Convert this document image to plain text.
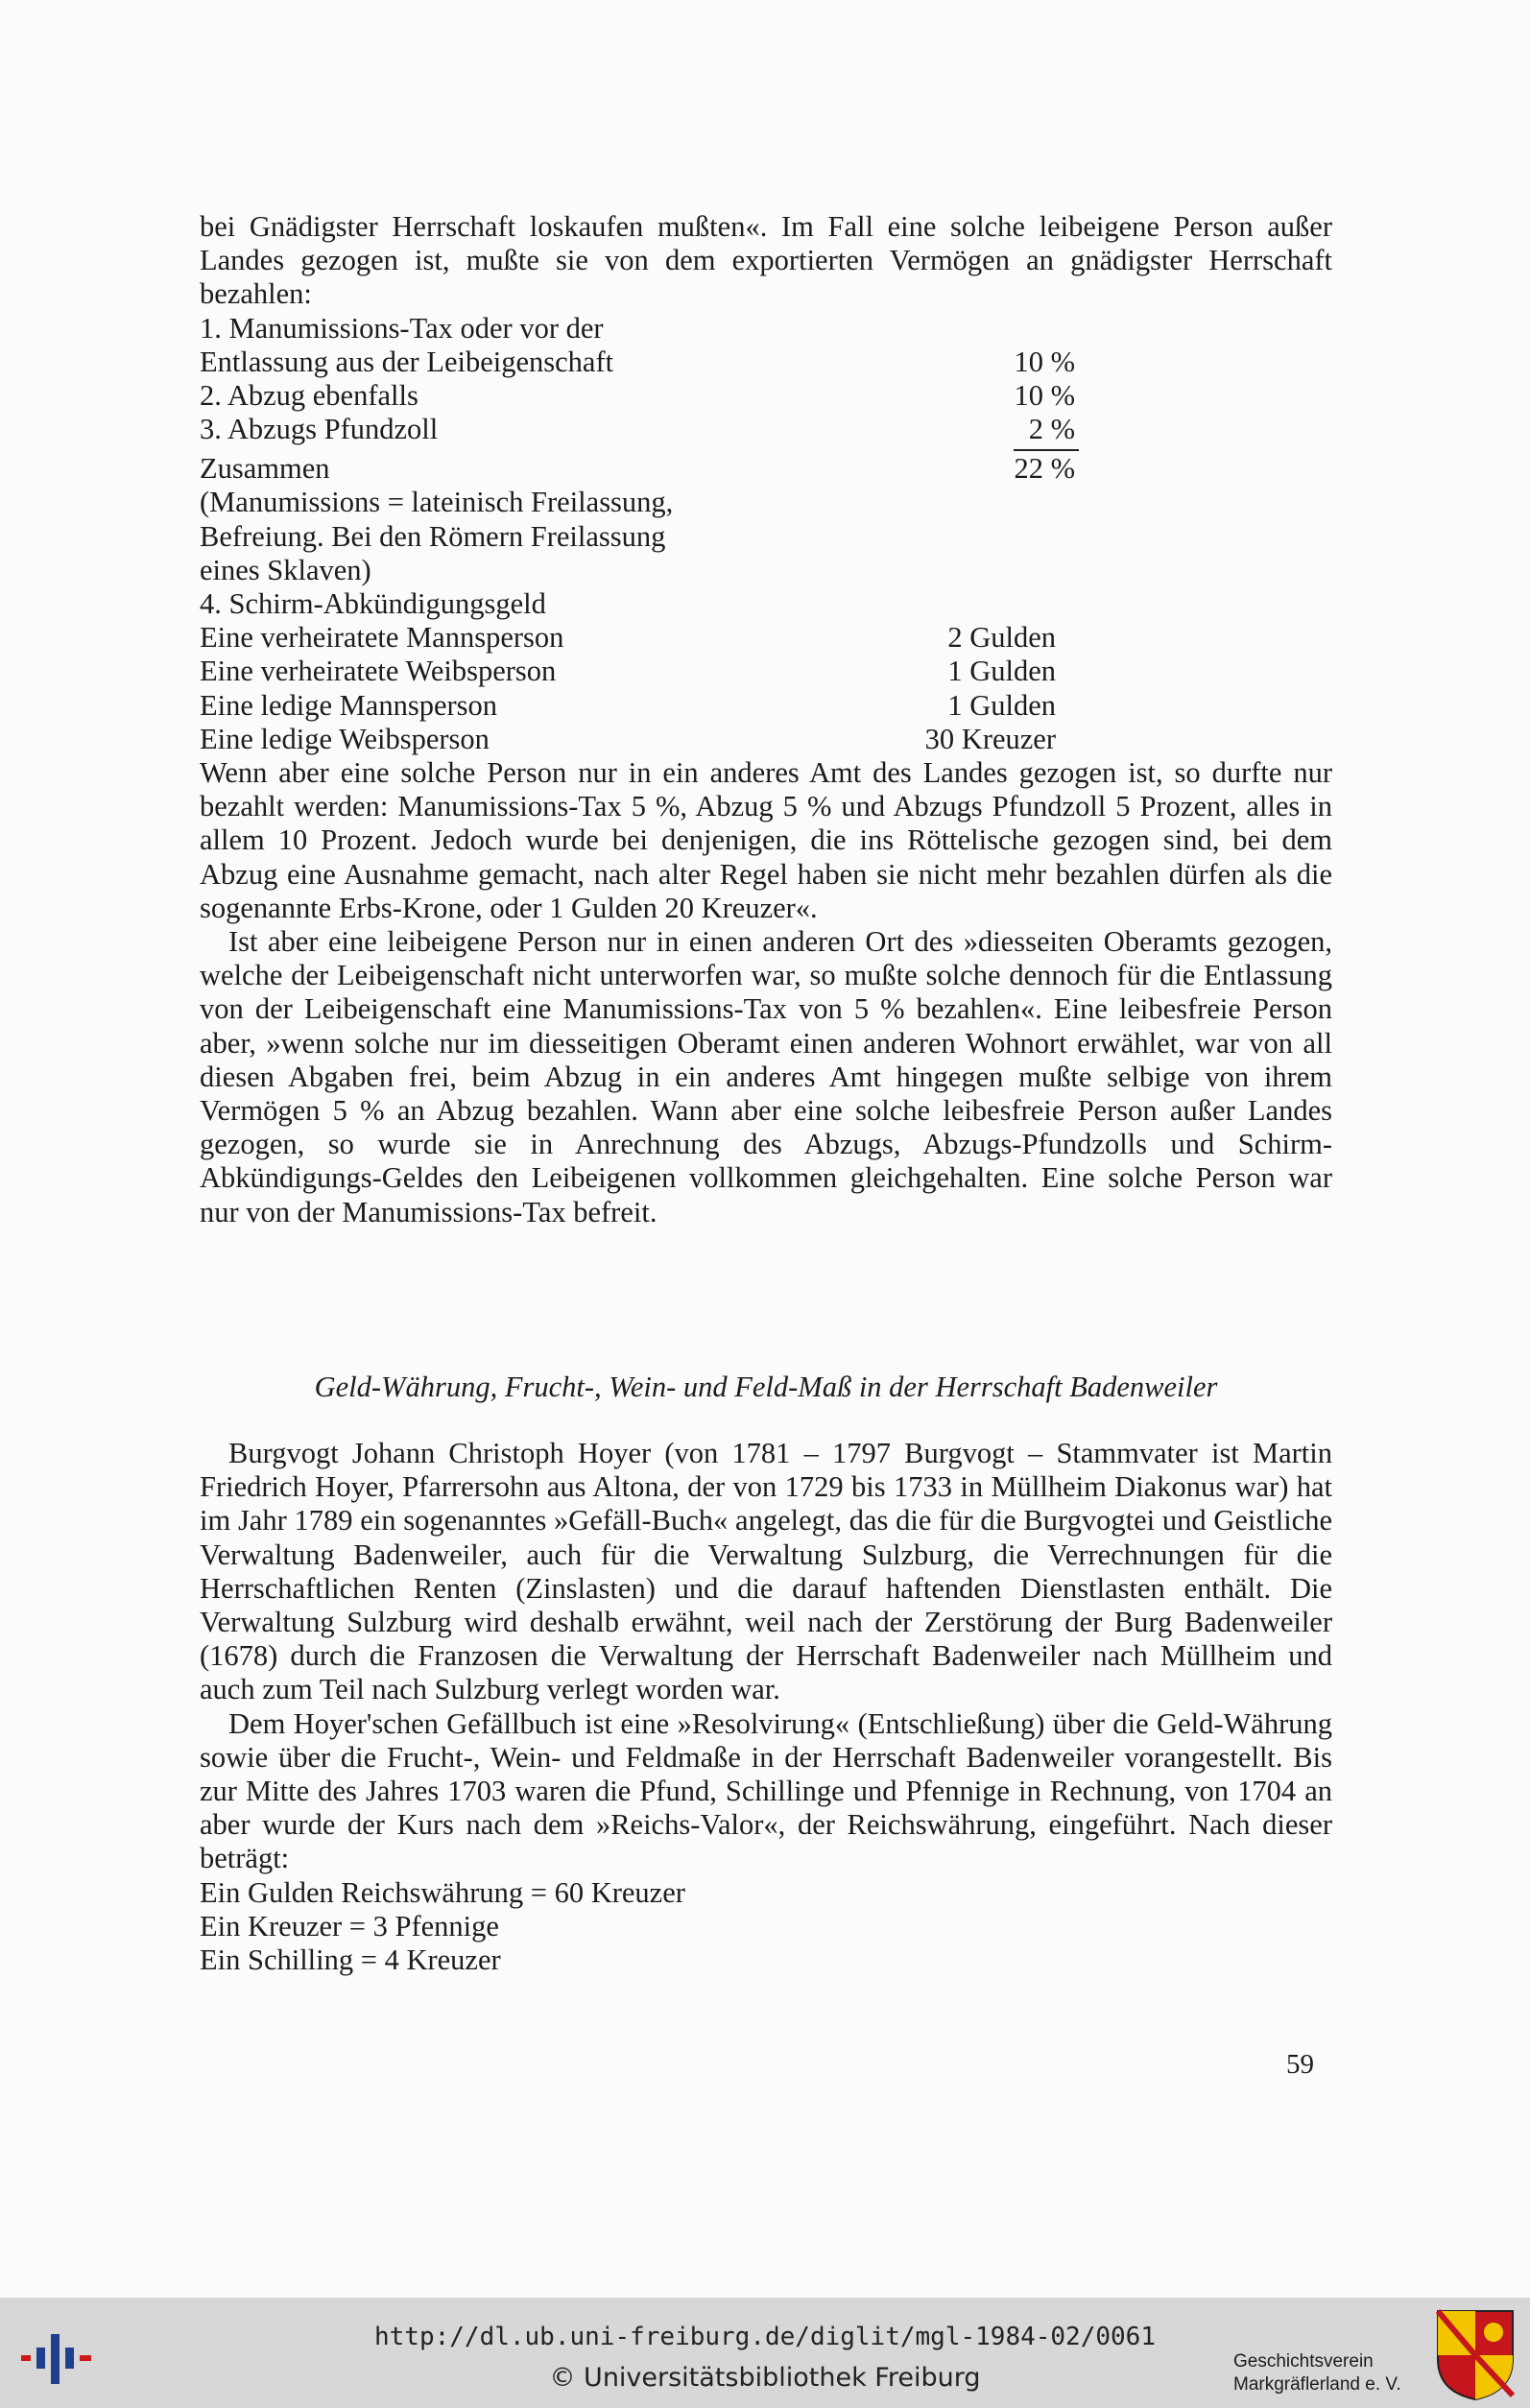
bei Gnädigster Herrschaft loskaufen mußten«. Im Fall eine solche leibeigene Person außer Landes gezogen ist, mußte sie von dem exportierten Vermögen an gnädigster Herrschaft bezahlen:

1. Manumissions-Tax oder vor der
Entlassung aus der Leibeigenschaft	10 %
2. Abzug ebenfalls	10 %
3. Abzugs Pfundzoll	2 %
Zusammen	22 %
(Manumissions = lateinisch Freilassung,
Befreiung. Bei den Römern Freilassung
eines Sklaven)
4. Schirm-Abkündigungsgeld
Eine verheiratete Mannsperson	2 Gulden
Eine verheiratete Weibsperson	1 Gulden
Eine ledige Mannsperson	1 Gulden
Eine ledige Weibsperson	30 Kreuzer

Wenn aber eine solche Person nur in ein anderes Amt des Landes gezogen ist, so durfte nur bezahlt werden: Manumissions-Tax 5 %, Abzug 5 % und Abzugs Pfundzoll 5 Prozent, alles in allem 10 Prozent. Jedoch wurde bei denjenigen, die ins Röttelische gezogen sind, bei dem Abzug eine Ausnahme gemacht, nach alter Regel haben sie nicht mehr bezahlen dürfen als die sogenannte Erbs-Krone, oder 1 Gulden 20 Kreuzer«.

Ist aber eine leibeigene Person nur in einen anderen Ort des »diesseiten Oberamts gezogen, welche der Leibeigenschaft nicht unterworfen war, so mußte solche dennoch für die Entlassung von der Leibeigenschaft eine Manumissions-Tax von 5 % bezahlen«. Eine leibesfreie Person aber, »wenn solche nur im diesseitigen Oberamt einen anderen Wohnort erwählet, war von all diesen Abgaben frei, beim Abzug in ein anderes Amt hingegen mußte selbige von ihrem Vermögen 5 % an Abzug bezahlen. Wann aber eine solche leibesfreie Person außer Landes gezogen, so wurde sie in Anrechnung des Abzugs, Abzugs-Pfundzolls und Schirm-Abkündigungs-Geldes den Leibeigenen vollkommen gleichgehalten. Eine solche Person war nur von der Manumissions-Tax befreit.

Geld-Währung, Frucht-, Wein- und Feld-Maß in der Herrschaft Badenweiler

Burgvogt Johann Christoph Hoyer (von 1781 – 1797 Burgvogt – Stammvater ist Martin Friedrich Hoyer, Pfarrersohn aus Altona, der von 1729 bis 1733 in Müllheim Diakonus war) hat im Jahr 1789 ein sogenanntes »Gefäll-Buch« angelegt, das die für die Burgvogtei und Geistliche Verwaltung Badenweiler, auch für die Verwaltung Sulzburg, die Verrechnungen für die Herrschaftlichen Renten (Zinslasten) und die darauf haftenden Dienstlasten enthält. Die Verwaltung Sulzburg wird deshalb erwähnt, weil nach der Zerstörung der Burg Badenweiler (1678) durch die Franzosen die Verwaltung der Herrschaft Badenweiler nach Müllheim und auch zum Teil nach Sulzburg verlegt worden war.

Dem Hoyer'schen Gefällbuch ist eine »Resolvirung« (Entschließung) über die Geld-Währung sowie über die Frucht-, Wein- und Feldmaße in der Herrschaft Badenweiler vorangestellt. Bis zur Mitte des Jahres 1703 waren die Pfund, Schillinge und Pfennige in Rechnung, von 1704 an aber wurde der Kurs nach dem »Reichs-Valor«, der Reichswährung, eingeführt. Nach dieser beträgt:

Ein Gulden Reichswährung = 60 Kreuzer
Ein Kreuzer = 3 Pfennige
Ein Schilling = 4 Kreuzer
59
http://dl.ub.uni-freiburg.de/diglit/mgl-1984-02/0061
© Universitätsbibliothek Freiburg
Geschichtsverein
Markgräflerland e. V.
